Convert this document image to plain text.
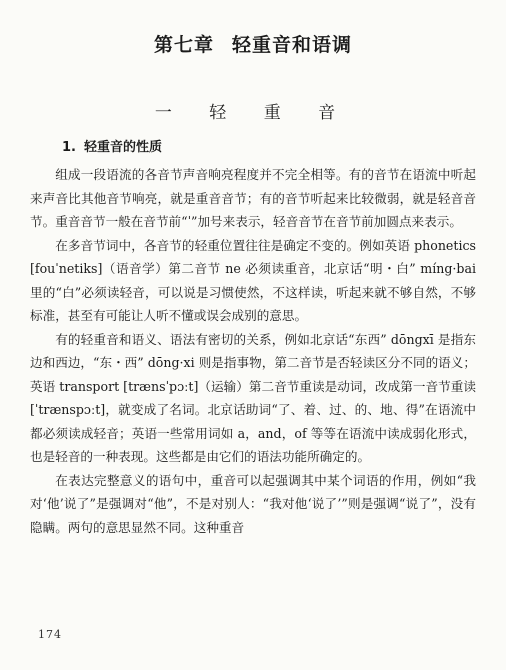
第七章 轻重音和语调
一 轻 重 音
1. 轻重音的性质

组成一段语流的各音节声音响亮程度并不完全相等。有的音节在语流中听起来声音比其他音节响亮，就是重音音节；有的音节听起来比较微弱，就是轻音音节。重音音节一般在音节前“ˈ”加号来表示，轻音音节在音节前加圆点来表示。

在多音节词中，各音节的轻重位置往往是确定不变的。例如英语 phonetics [fouˈnetiks]（语音学）第二音节 ne 必须读重音，北京话“明・白” míng·bai 里的“白”必须读轻音，可以说是习惯使然，不这样读，听起来就不够自然，不够标准，甚至有可能让人听不懂或误会成别的意思。

有的轻重音和语义、语法有密切的关系，例如北京话“东西” dōngxī 是指东边和西边，“东・西” dōng·xi 则是指事物，第二音节是否轻读区分不同的语义；英语 transport [trænsˈpɔːt]（运输）第二音节重读是动词，改成第一音节重读 [ˈtrænspɔːt]，就变成了名词。北京话助词“了、着、过、的、地、得”在语流中都必须读成轻音；英语一些常用词如 a，and，of 等等在语流中读成弱化形式，也是轻音的一种表现。这些都是由它们的语法功能所确定的。

在表达完整意义的语句中，重音可以起强调其中某个词语的作用，例如“我对‘他’说了”是强调对“他”，不是对别人：“我对他‘说了’”则是强调“说了”，没有隐瞒。两句的意思显然不同。这种重音

174
